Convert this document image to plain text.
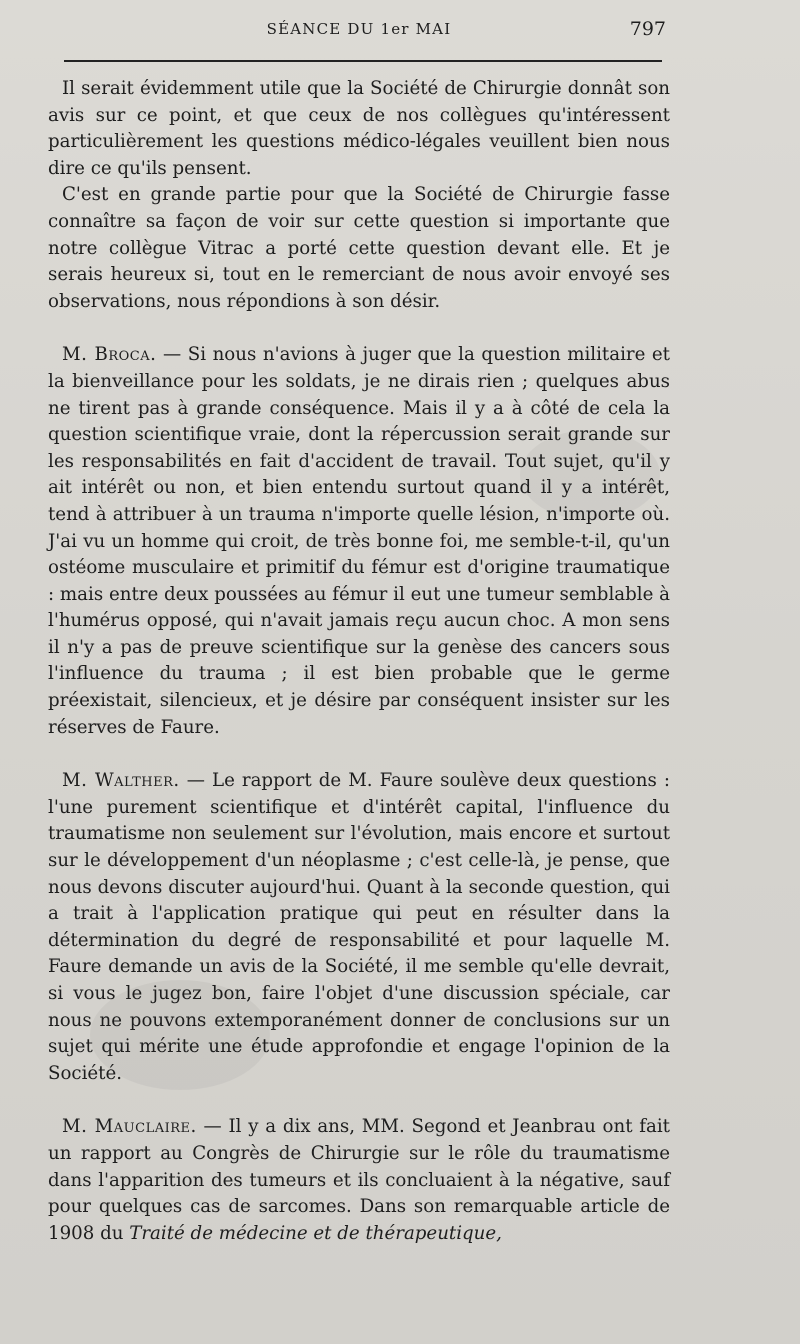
SÉANCE DU 1er MAI	797

Il serait évidemment utile que la Société de Chirurgie donnât son avis sur ce point, et que ceux de nos collègues qu'intéressent particulièrement les questions médico-légales veuillent bien nous dire ce qu'ils pensent.

C'est en grande partie pour que la Société de Chirurgie fasse connaître sa façon de voir sur cette question si importante que notre collègue Vitrac a porté cette question devant elle. Et je serais heureux si, tout en le remerciant de nous avoir envoyé ses observations, nous répondions à son désir.

M. Broca. — Si nous n'avions à juger que la question militaire et la bienveillance pour les soldats, je ne dirais rien ; quelques abus ne tirent pas à grande conséquence. Mais il y a à côté de cela la question scientifique vraie, dont la répercussion serait grande sur les responsabilités en fait d'accident de travail. Tout sujet, qu'il y ait intérêt ou non, et bien entendu surtout quand il y a intérêt, tend à attribuer à un trauma n'importe quelle lésion, n'importe où. J'ai vu un homme qui croit, de très bonne foi, me semble-t-il, qu'un ostéome musculaire et primitif du fémur est d'origine traumatique : mais entre deux poussées au fémur il eut une tumeur semblable à l'humérus opposé, qui n'avait jamais reçu aucun choc. A mon sens il n'y a pas de preuve scientifique sur la genèse des cancers sous l'influence du trauma ; il est bien probable que le germe préexistait, silencieux, et je désire par conséquent insister sur les réserves de Faure.

M. Walther. — Le rapport de M. Faure soulève deux questions : l'une purement scientifique et d'intérêt capital, l'influence du traumatisme non seulement sur l'évolution, mais encore et surtout sur le développement d'un néoplasme ; c'est celle-là, je pense, que nous devons discuter aujourd'hui. Quant à la seconde question, qui a trait à l'application pratique qui peut en résulter dans la détermination du degré de responsabilité et pour laquelle M. Faure demande un avis de la Société, il me semble qu'elle devrait, si vous le jugez bon, faire l'objet d'une discussion spéciale, car nous ne pouvons extemporanément donner de conclusions sur un sujet qui mérite une étude approfondie et engage l'opinion de la Société.

M. Mauclaire. — Il y a dix ans, MM. Segond et Jeanbrau ont fait un rapport au Congrès de Chirurgie sur le rôle du traumatisme dans l'apparition des tumeurs et ils concluaient à la négative, sauf pour quelques cas de sarcomes. Dans son remarquable article de 1908 du Traité de médecine et de thérapeutique,
